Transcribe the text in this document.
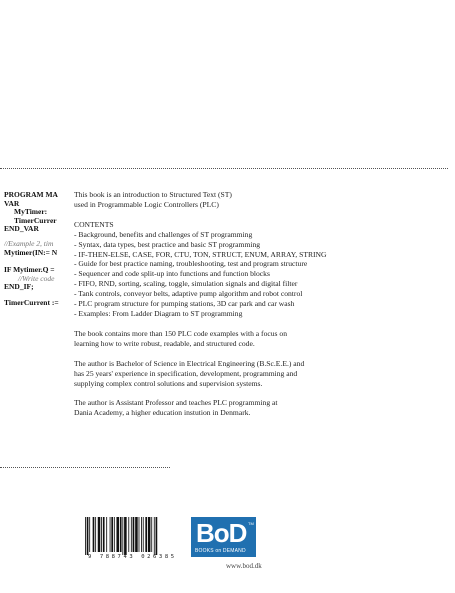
PROGRAM MA
VAR
MyTimer:
TimerCurrer
END_VAR
//Example 2, tim
Mytimer(IN:= N
IF Mytimer.Q =
//Write code
END_IF;
TimerCurrent :=

This book is an introduction to Structured Text (ST)

used in Programmable Logic Controllers (PLC)

CONTENTS

- Background, benefits and challenges of ST programming
- Syntax, data types, best practice and basic ST programming
- IF-THEN-ELSE, CASE, FOR, CTU, TON, STRUCT, ENUM, ARRAY, STRING
- Guide for best practice naming, troubleshooting, test and program structure
- Sequencer and code split-up into functions and function blocks
- FIFO, RND, sorting, scaling, toggle, simulation signals and digital filter
- Tank controls, conveyor belts, adaptive pump algorithm and robot control
- PLC program structure for pumping stations, 3D car park and car wash
- Examples: From Ladder Diagram to ST programming

The book contains more than 150 PLC code examples with a focus on

learning how to write robust, readable, and structured code.

The author is Bachelor of Science in Electrical Engineering (B.Sc.E.E.) and

has 25 years' experience in specification, development, programming and

supplying complex control solutions and supervision systems.

The author is Assistant Professor and teaches PLC programming at

Dania Academy, a higher education instution in Denmark.

9 788743 026385
BoD TM
BOOKS on DEMAND
www.bod.dk
